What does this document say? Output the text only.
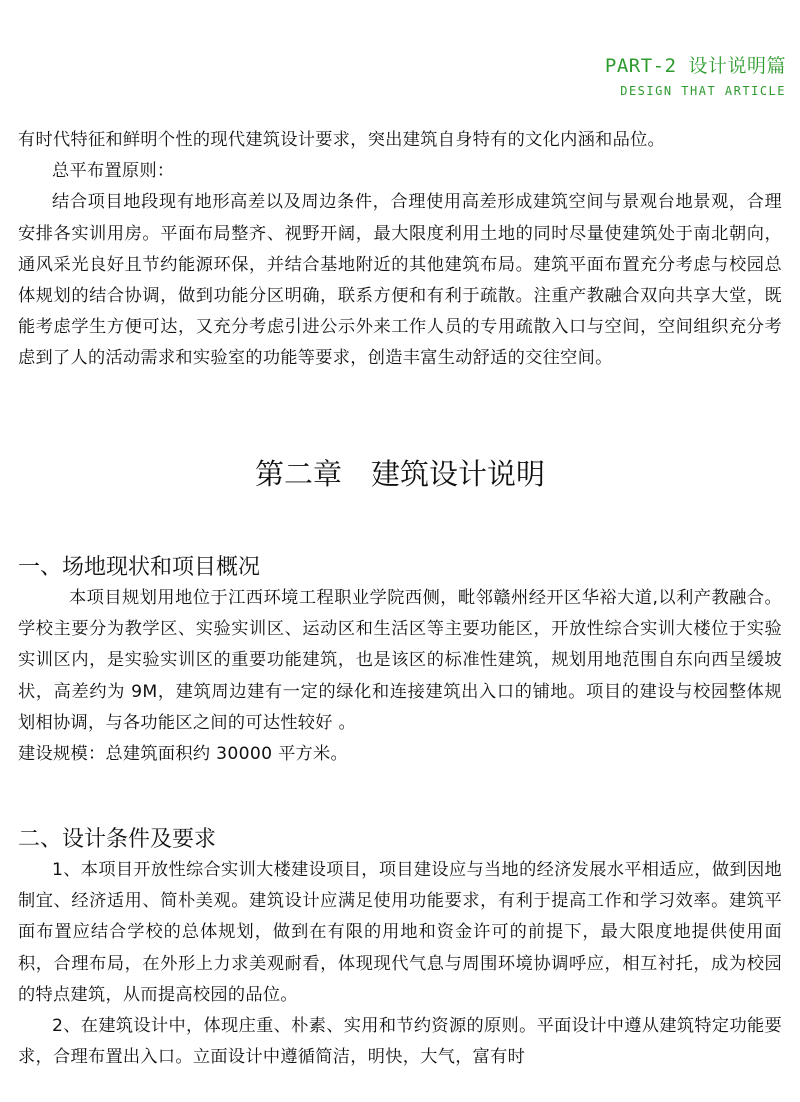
PART-2 设计说明篇
DESIGN THAT ARTICLE

有时代特征和鲜明个性的现代建筑设计要求，突出建筑自身特有的文化内涵和品位。

总平布置原则：

结合项目地段现有地形高差以及周边条件，合理使用高差形成建筑空间与景观台地景观，合理安排各实训用房。平面布局整齐、视野开阔，最大限度利用土地的同时尽量使建筑处于南北朝向，通风采光良好且节约能源环保，并结合基地附近的其他建筑布局。建筑平面布置充分考虑与校园总体规划的结合协调，做到功能分区明确，联系方便和有利于疏散。注重产教融合双向共享大堂，既能考虑学生方便可达，又充分考虑引进公示外来工作人员的专用疏散入口与空间，空间组织充分考虑到了人的活动需求和实验室的功能等要求，创造丰富生动舒适的交往空间。

第二章　建筑设计说明
一、场地现状和项目概况

本项目规划用地位于江西环境工程职业学院西侧，毗邻赣州经开区华裕大道,以利产教融合。学校主要分为教学区、实验实训区、运动区和生活区等主要功能区，开放性综合实训大楼位于实验实训区内，是实验实训区的重要功能建筑，也是该区的标准性建筑，规划用地范围自东向西呈缓坡状，高差约为 9M，建筑周边建有一定的绿化和连接建筑出入口的铺地。项目的建设与校园整体规划相协调，与各功能区之间的可达性较好 。

建设规模：总建筑面积约 30000 平方米。

二、设计条件及要求

1、本项目开放性综合实训大楼建设项目，项目建设应与当地的经济发展水平相适应，做到因地制宜、经济适用、简朴美观。建筑设计应满足使用功能要求，有利于提高工作和学习效率。建筑平面布置应结合学校的总体规划，做到在有限的用地和资金许可的前提下，最大限度地提供使用面积，合理布局，在外形上力求美观耐看，体现现代气息与周围环境协调呼应，相互衬托，成为校园的特点建筑，从而提高校园的品位。

2、在建筑设计中，体现庄重、朴素、实用和节约资源的原则。平面设计中遵从建筑特定功能要求，合理布置出入口。立面设计中遵循简洁，明快，大气，富有时
